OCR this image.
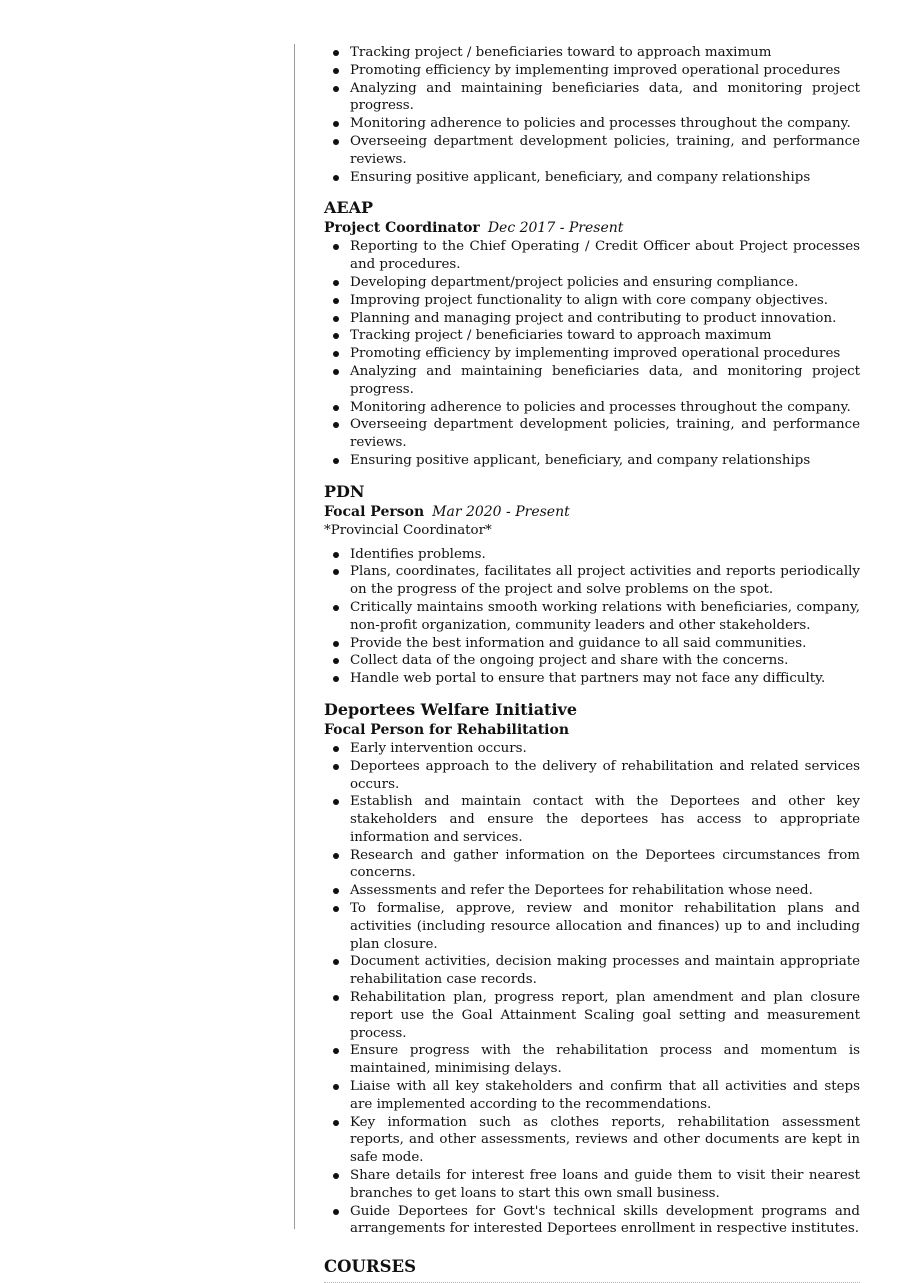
Tracking project / beneficiaries toward to approach maximum
Promoting efficiency by implementing improved operational procedures
Analyzing and maintaining beneficiaries data, and monitoring project progress.
Monitoring adherence to policies and processes throughout the company.
Overseeing department development policies, training, and performance reviews.
Ensuring positive applicant, beneficiary, and company relationships
AEAP
Project Coordinator Dec 2017 - Present
Reporting to the Chief Operating / Credit Officer about Project processes and procedures.
Developing department/project policies and ensuring compliance.
Improving project functionality to align with core company objectives.
Planning and managing project and contributing to product innovation.
Tracking project / beneficiaries toward to approach maximum
Promoting efficiency by implementing improved operational procedures
Analyzing and maintaining beneficiaries data, and monitoring project progress.
Monitoring adherence to policies and processes throughout the company.
Overseeing department development policies, training, and performance reviews.
Ensuring positive applicant, beneficiary, and company relationships
PDN
Focal Person Mar 2020 - Present
*Provincial Coordinator*
Identifies problems.
Plans, coordinates, facilitates all project activities and reports periodically on the progress of the project and solve problems on the spot.
Critically maintains smooth working relations with beneficiaries, company, non-profit organization, community leaders and other stakeholders.
Provide the best information and guidance to all said communities.
Collect data of the ongoing project and share with the concerns.
Handle web portal to ensure that partners may not face any difficulty.
Deportees Welfare Initiative
Focal Person for Rehabilitation
Early intervention occurs.
Deportees approach to the delivery of rehabilitation and related services occurs.
Establish and maintain contact with the Deportees and other key stakeholders and ensure the deportees has access to appropriate information and services.
Research and gather information on the Deportees circumstances from concerns.
Assessments and refer the Deportees for rehabilitation whose need.
To formalise, approve, review and monitor rehabilitation plans and activities (including resource allocation and finances) up to and including plan closure.
Document activities, decision making processes and maintain appropriate rehabilitation case records.
Rehabilitation plan, progress report, plan amendment and plan closure report use the Goal Attainment Scaling goal setting and measurement process.
Ensure progress with the rehabilitation process and momentum is maintained, minimising delays.
Liaise with all key stakeholders and confirm that all activities and steps are implemented according to the recommendations.
Key information such as clothes reports, rehabilitation assessment reports, and other assessments, reviews and other documents are kept in safe mode.
Share details for interest free loans and guide them to visit their nearest branches to get loans to start this own small business.
Guide Deportees for Govt's technical skills development programs and arrangements for interested Deportees enrollment in respective institutes.
COURSES
